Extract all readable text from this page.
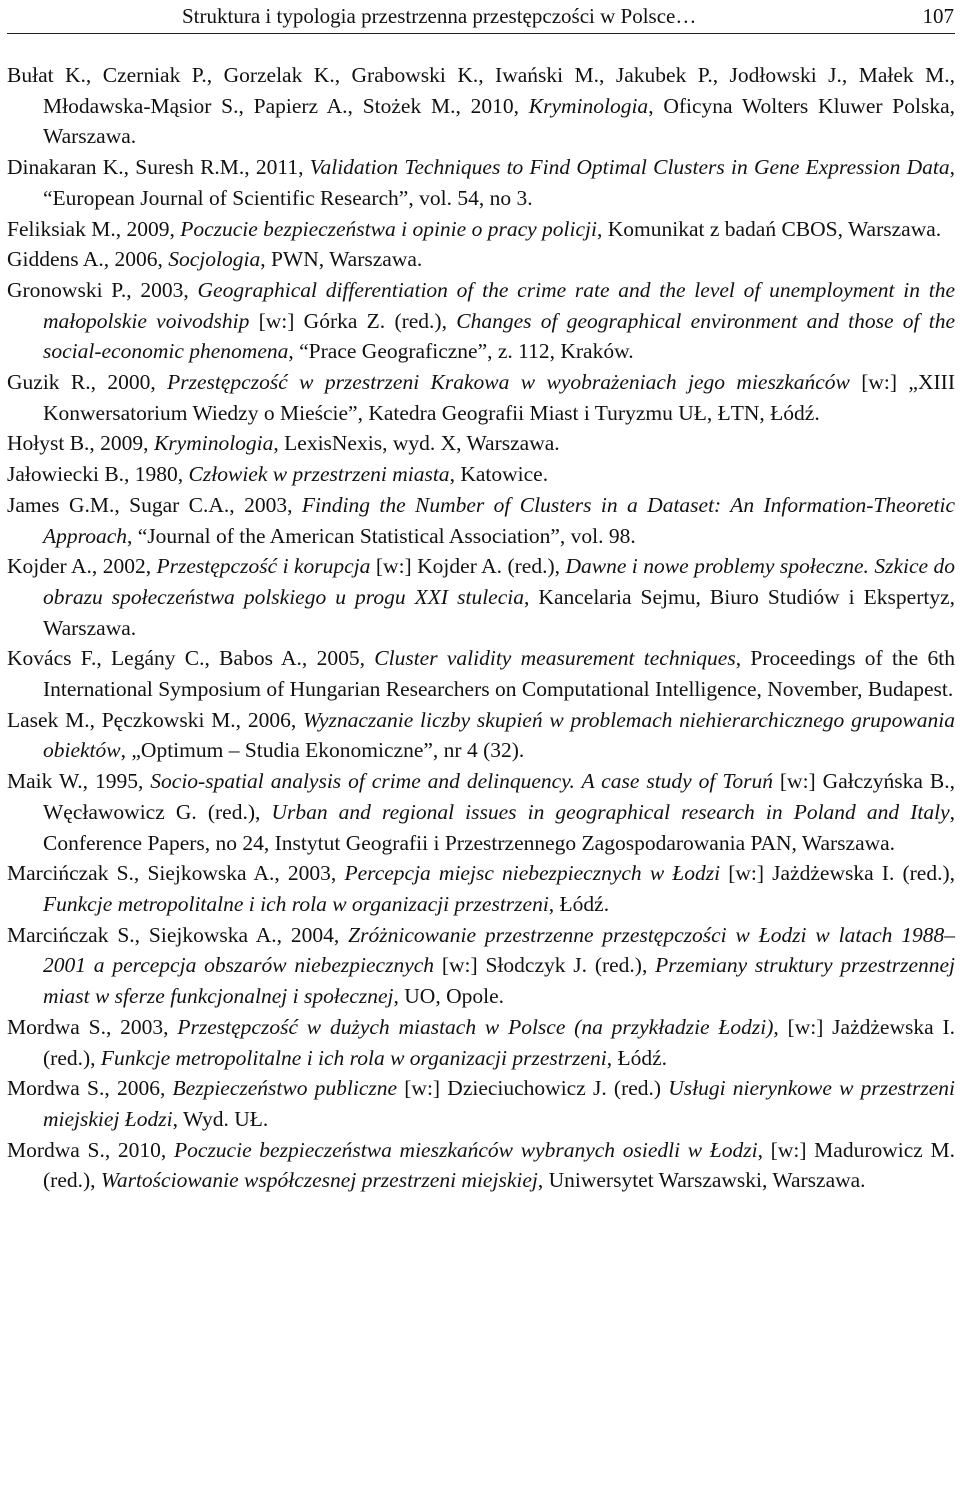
Struktura i typologia przestrzenna przestępczości w Polsce…	107

Bułat K., Czerniak P., Gorzelak K., Grabowski K., Iwański M., Jakubek P., Jodłowski J., Małek M., Młodawska-Mąsior S., Papierz A., Stożek M., 2010, Kryminologia, Oficyna Wolters Kluwer Polska, Warszawa.

Dinakaran K., Suresh R.M., 2011, Validation Techniques to Find Optimal Clusters in Gene Expression Data, “European Journal of Scientific Research”, vol. 54, no 3.

Feliksiak M., 2009, Poczucie bezpieczeństwa i opinie o pracy policji, Komunikat z badań CBOS, Warszawa.

Giddens A., 2006, Socjologia, PWN, Warszawa.

Gronowski P., 2003, Geographical differentiation of the crime rate and the level of unemployment in the małopolskie voivodship [w:] Górka Z. (red.), Changes of geographical environment and those of the social-economic phenomena, “Prace Geograficzne”, z. 112, Kraków.

Guzik R., 2000, Przestępczość w przestrzeni Krakowa w wyobrażeniach jego mieszkańców [w:] „XIII Konwersatorium Wiedzy o Mieście”, Katedra Geografii Miast i Turyzmu UŁ, ŁTN, Łódź.

Hołyst B., 2009, Kryminologia, LexisNexis, wyd. X, Warszawa.

Jałowiecki B., 1980, Człowiek w przestrzeni miasta, Katowice.

James G.M., Sugar C.A., 2003, Finding the Number of Clusters in a Dataset: An Information-Theoretic Approach, “Journal of the American Statistical Association”, vol. 98.

Kojder A., 2002, Przestępczość i korupcja [w:] Kojder A. (red.), Dawne i nowe problemy społeczne. Szkice do obrazu społeczeństwa polskiego u progu XXI stulecia, Kancelaria Sejmu, Biuro Studiów i Ekspertyz, Warszawa.

Kovács F., Legány C., Babos A., 2005, Cluster validity measurement techniques, Proceedings of the 6th International Symposium of Hungarian Researchers on Computational Intelligence, November, Budapest.

Lasek M., Pęczkowski M., 2006, Wyznaczanie liczby skupień w problemach niehierarchicznego grupowania obiektów, „Optimum – Studia Ekonomiczne”, nr 4 (32).

Maik W., 1995, Socio-spatial analysis of crime and delinquency. A case study of Toruń [w:] Gałczyńska B., Węcławowicz G. (red.), Urban and regional issues in geographical research in Poland and Italy, Conference Papers, no 24, Instytut Geografii i Przestrzennego Zagospodarowania PAN, Warszawa.

Marcińczak S., Siejkowska A., 2003, Percepcja miejsc niebezpiecznych w Łodzi [w:] Jażdżewska I. (red.), Funkcje metropolitalne i ich rola w organizacji przestrzeni, Łódź.

Marcińczak S., Siejkowska A., 2004, Zróżnicowanie przestrzenne przestępczości w Łodzi w latach 1988–2001 a percepcja obszarów niebezpiecznych [w:] Słodczyk J. (red.), Przemiany struktury przestrzennej miast w sferze funkcjonalnej i społecznej, UO, Opole.

Mordwa S., 2003, Przestępczość w dużych miastach w Polsce (na przykładzie Łodzi), [w:] Jażdżewska I. (red.), Funkcje metropolitalne i ich rola w organizacji przestrzeni, Łódź.

Mordwa S., 2006, Bezpieczeństwo publiczne [w:] Dzieciuchowicz J. (red.) Usługi nierynkowe w przestrzeni miejskiej Łodzi, Wyd. UŁ.

Mordwa S., 2010, Poczucie bezpieczeństwa mieszkańców wybranych osiedli w Łodzi, [w:] Madurowicz M. (red.), Wartościowanie współczesnej przestrzeni miejskiej, Uniwersytet Warszawski, Warszawa.
